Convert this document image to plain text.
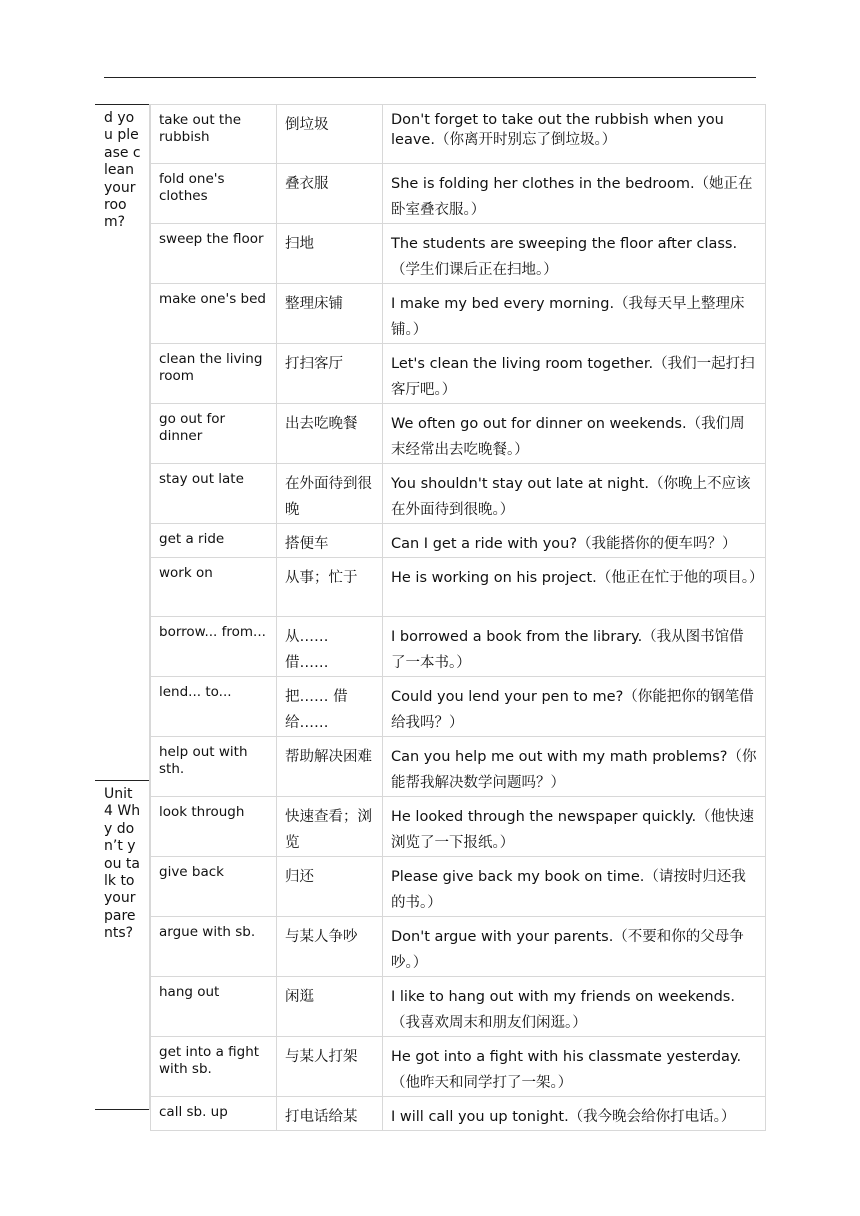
d you please clean your room?
Unit 4 Why don’t you talk to your parents?
take out the rubbish	倒垃圾	Don't forget to take out the rubbish when you leave.（你离开时别忘了倒垃圾。）
fold one's clothes	叠衣服	She is folding her clothes in the bedroom.（她正在卧室叠衣服。）
sweep the floor	扫地	The students are sweeping the floor after class.（学生们课后正在扫地。）
make one's bed	整理床铺	I make my bed every morning.（我每天早上整理床铺。）
clean the living room	打扫客厅	Let's clean the living room together.（我们一起打扫客厅吧。）
go out for dinner	出去吃晚餐	We often go out for dinner on weekends.（我们周末经常出去吃晚餐。）
stay out late	在外面待到很晚	You shouldn't stay out late at night.（你晚上不应该在外面待到很晚。）
get a ride	搭便车	Can I get a ride with you?（我能搭你的便车吗？）
work on	从事；忙于	He is working on his project.（他正在忙于他的项目。）
borrow... from...	从…… 借……	I borrowed a book from the library.（我从图书馆借了一本书。）
lend... to...	把…… 借给……	Could you lend your pen to me?（你能把你的钢笔借给我吗？）
help out with sth.	帮助解决困难	Can you help me out with my math problems?（你能帮我解决数学问题吗？）
look through	快速查看；浏览	He looked through the newspaper quickly.（他快速浏览了一下报纸。）
give back	归还	Please give back my book on time.（请按时归还我的书。）
argue with sb.	与某人争吵	Don't argue with your parents.（不要和你的父母争吵。）
hang out	闲逛	I like to hang out with my friends on weekends.（我喜欢周末和朋友们闲逛。）
get into a fight with sb.	与某人打架	He got into a fight with his classmate yesterday.（他昨天和同学打了一架。）
call sb. up	打电话给某	I will call you up tonight.（我今晚会给你打电话。）
